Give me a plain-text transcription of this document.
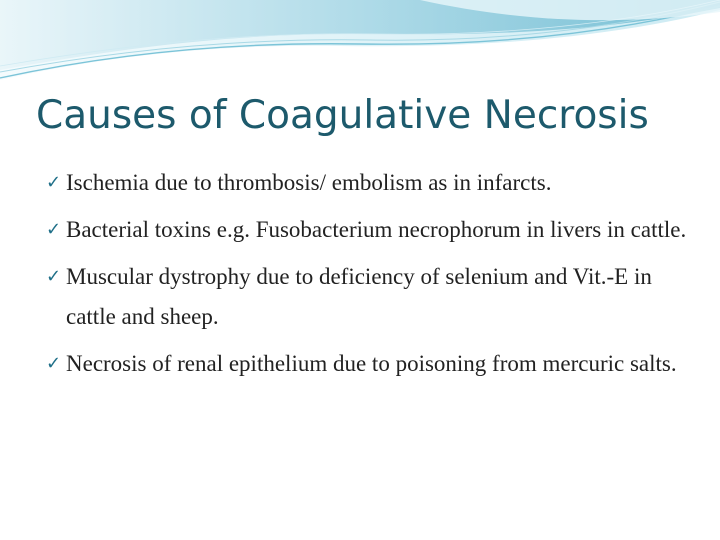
Causes of Coagulative Necrosis
✓ Ischemia due to thrombosis/ embolism as in infarcts.
✓ Bacterial toxins e.g. Fusobacterium necrophorum in livers in cattle.
✓ Muscular dystrophy due to deficiency of selenium and Vit.-E in cattle and sheep.
✓ Necrosis of renal epithelium due to poisoning from mercuric salts.
